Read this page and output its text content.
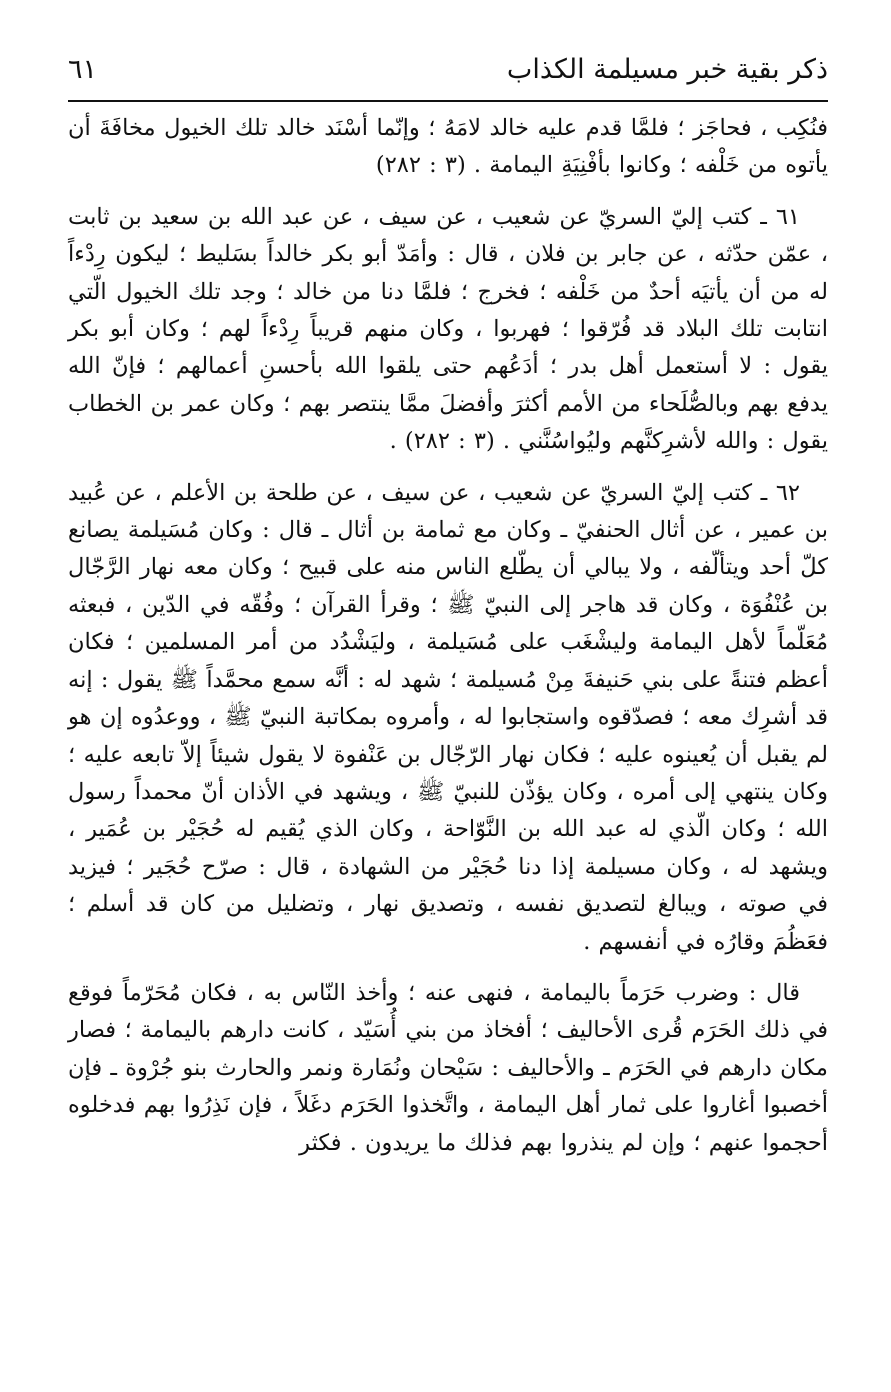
ذكر بقية خبر مسيلمة الكذاب
٦١

فنُكِب ، فحاجَز ؛ فلمَّا قدم عليه خالد لامَهُ ؛ وإنّما أسْنَد خالد تلك الخيول مخافَةَ أن يأتوه من خَلْفه ؛ وكانوا بأفْنِيَةِ اليمامة . (٣ : ٢٨٢)

٦١ ـ كتب إليّ السريّ عن شعيب ، عن سيف ، عن عبد الله بن سعيد بن ثابت ، عمّن حدّثه ، عن جابر بن فلان ، قال : وأمَدّ أبو بكر خالداً بسَليط ؛ ليكون رِدْءاً له من أن يأتيَه أحدٌ من خَلْفه ؛ فخرج ؛ فلمَّا دنا من خالد ؛ وجد تلك الخيول الّتي انتابت تلك البلاد قد فُرّقوا ؛ فهربوا ، وكان منهم قريباً رِدْءاً لهم ؛ وكان أبو بكر يقول : لا أستعمل أهل بدر ؛ أدَعُهم حتى يلقوا الله بأحسنِ أعمالهم ؛ فإنّ الله يدفع بهم وبالصُّلَحاء من الأمم أكثرَ وأفضلَ ممَّا ينتصر بهم ؛ وكان عمر بن الخطاب يقول : والله لأشرِكنَّهم وليُواسُنَّني . (٣ : ٢٨٢) .

٦٢ ـ كتب إليّ السريّ عن شعيب ، عن سيف ، عن طلحة بن الأعلم ، عن عُبيد بن عمير ، عن أثال الحنفيّ ـ وكان مع ثمامة بن أثال ـ قال : وكان مُسَيلمة يصانع كلّ أحد ويتألّفه ، ولا يبالي أن يطّلع الناس منه على قبيح ؛ وكان معه نهار الرَّجّال بن عُنْفُوَة ، وكان قد هاجر إلى النبيّ ﷺ ؛ وقرأ القرآن ؛ وفُقّه في الدّين ، فبعثه مُعَلّماً لأهل اليمامة وليشْغَب على مُسَيلمة ، وليَشْدُد من أمر المسلمين ؛ فكان أعظم فتنةً على بني حَنيفةَ مِنْ مُسيلمة ؛ شهد له : أنَّه سمع محمَّداً ﷺ يقول : إنه قد أشرِك معه ؛ فصدّقوه واستجابوا له ، وأمروه بمكاتبة النبيّ ﷺ ، ووعدُوه إن هو لم يقبل أن يُعينوه عليه ؛ فكان نهار الرّجّال بن عَنْفوة لا يقول شيئاً إلاّ تابعه عليه ؛ وكان ينتهي إلى أمره ، وكان يؤذّن للنبيّ ﷺ ، ويشهد في الأذان أنّ محمداً رسول الله ؛ وكان الّذي له عبد الله بن النَّوّاحة ، وكان الذي يُقيم له حُجَيْر بن عُمَير ، ويشهد له ، وكان مسيلمة إذا دنا حُجَيْر من الشهادة ، قال : صرّح حُجَير ؛ فيزيد في صوته ، ويبالغ لتصديق نفسه ، وتصديق نهار ، وتضليل من كان قد أسلم ؛ فعَظُمَ وقارُه في أنفسهم .

قال : وضرب حَرَماً باليمامة ، فنهى عنه ؛ وأخذ النّاس به ، فكان مُحَرّماً فوقع في ذلك الحَرَم قُرى الأحاليف ؛ أفخاذ من بني أُسَيّد ، كانت دارهم باليمامة ؛ فصار مكان دارهم في الحَرَم ـ والأحاليف : سَيْحان ونُمَارة ونمر والحارث بنو جُرْوة ـ فإن أخصبوا أغاروا على ثمار أهل اليمامة ، واتَّخذوا الحَرَم دغَلاً ، فإن نَذِرُوا بهم فدخلوه أحجموا عنهم ؛ وإن لم ينذروا بهم فذلك ما يريدون . فكثر
